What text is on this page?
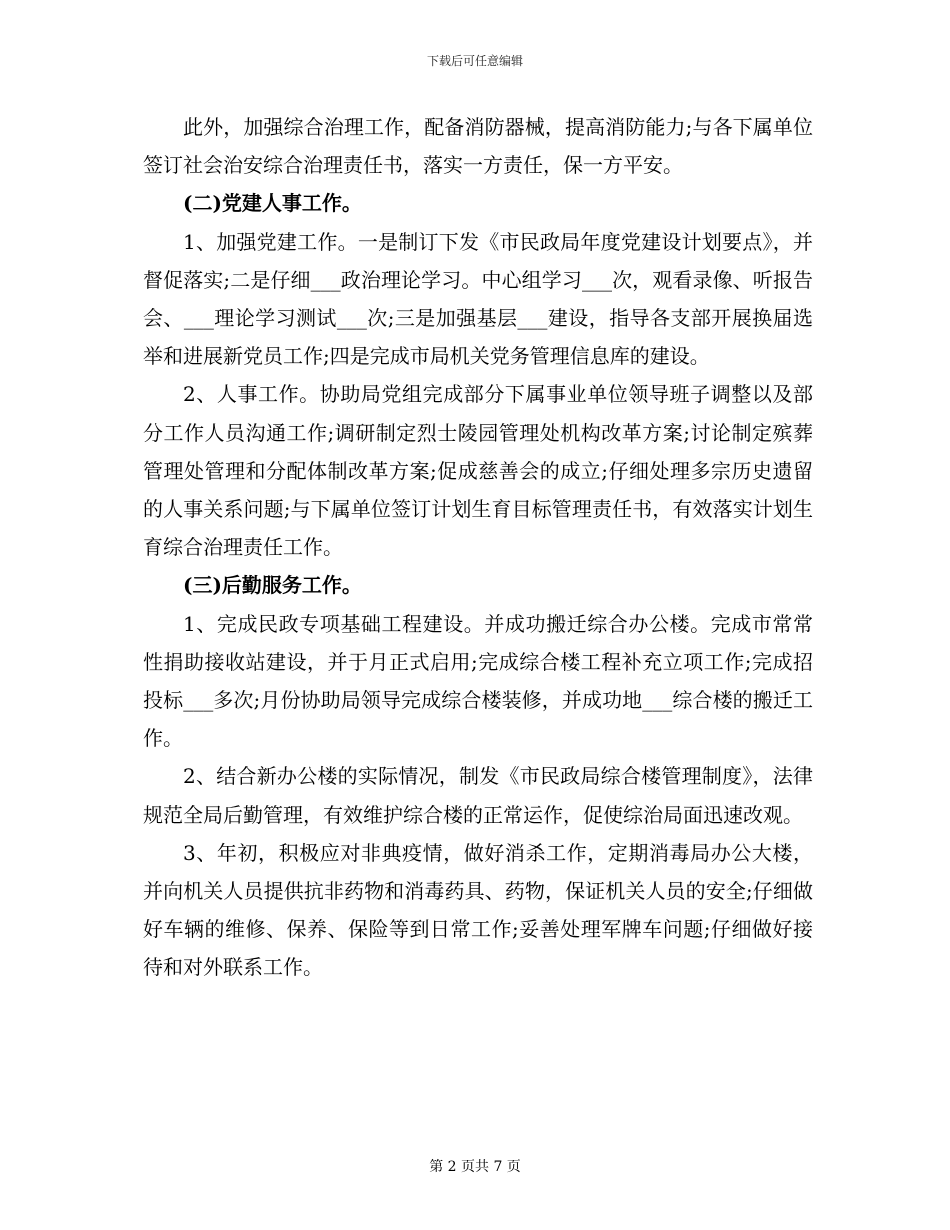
下载后可任意编辑

此外，加强综合治理工作，配备消防器械，提高消防能力;与各下属单位签订社会治安综合治理责任书，落实一方责任，保一方平安。

(二)党建人事工作。

1、加强党建工作。一是制订下发《市民政局年度党建设计划要点》，并督促落实;二是仔细___政治理论学习。中心组学习___次，观看录像、听报告会、___理论学习测试___次;三是加强基层___建设，指导各支部开展换届选举和进展新党员工作;四是完成市局机关党务管理信息库的建设。

2、人事工作。协助局党组完成部分下属事业单位领导班子调整以及部分工作人员沟通工作;调研制定烈士陵园管理处机构改革方案;讨论制定殡葬管理处管理和分配体制改革方案;促成慈善会的成立;仔细处理多宗历史遗留的人事关系问题;与下属单位签订计划生育目标管理责任书，有效落实计划生育综合治理责任工作。

(三)后勤服务工作。

1、完成民政专项基础工程建设。并成功搬迁综合办公楼。完成市常常性捐助接收站建设，并于月正式启用;完成综合楼工程补充立项工作;完成招投标___多次;月份协助局领导完成综合楼装修，并成功地___综合楼的搬迁工作。

2、结合新办公楼的实际情况，制发《市民政局综合楼管理制度》，法律规范全局后勤管理，有效维护综合楼的正常运作，促使综治局面迅速改观。

3、年初，积极应对非典疫情，做好消杀工作，定期消毒局办公大楼，并向机关人员提供抗非药物和消毒药具、药物，保证机关人员的安全;仔细做好车辆的维修、保养、保险等到日常工作;妥善处理军牌车问题;仔细做好接待和对外联系工作。

第 2 页共 7 页
